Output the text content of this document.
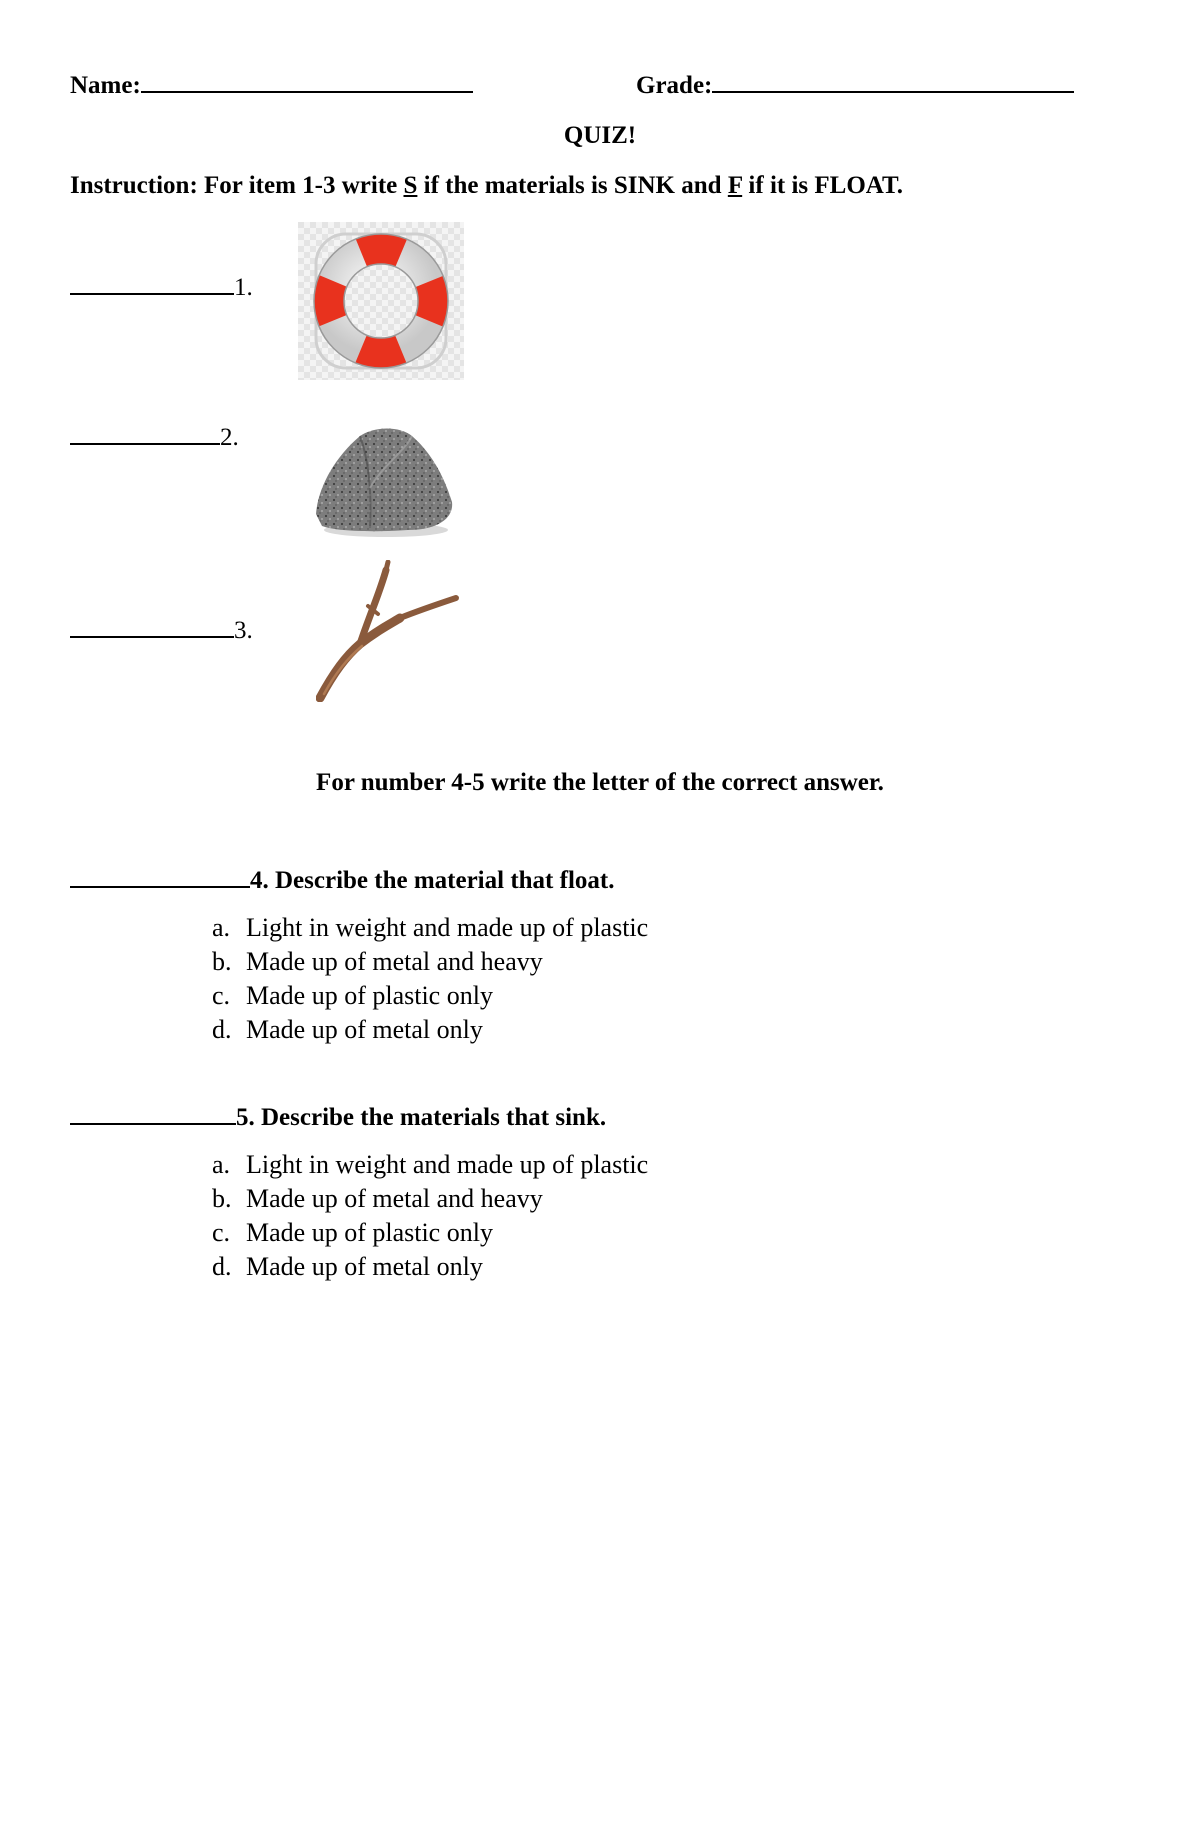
Name:	Grade:
QUIZ!
Instruction: For item 1-3 write S if the materials is SINK and F if it is FLOAT.
1.
2.
3.
For number 4-5 write the letter of the correct answer.
4. Describe the material that float.
a. Light in weight and made up of plastic
b. Made up of metal and heavy
c. Made up of plastic only
d. Made up of metal only
5. Describe the materials that sink.
a. Light in weight and made up of plastic
b. Made up of metal and heavy
c. Made up of plastic only
d. Made up of metal only
